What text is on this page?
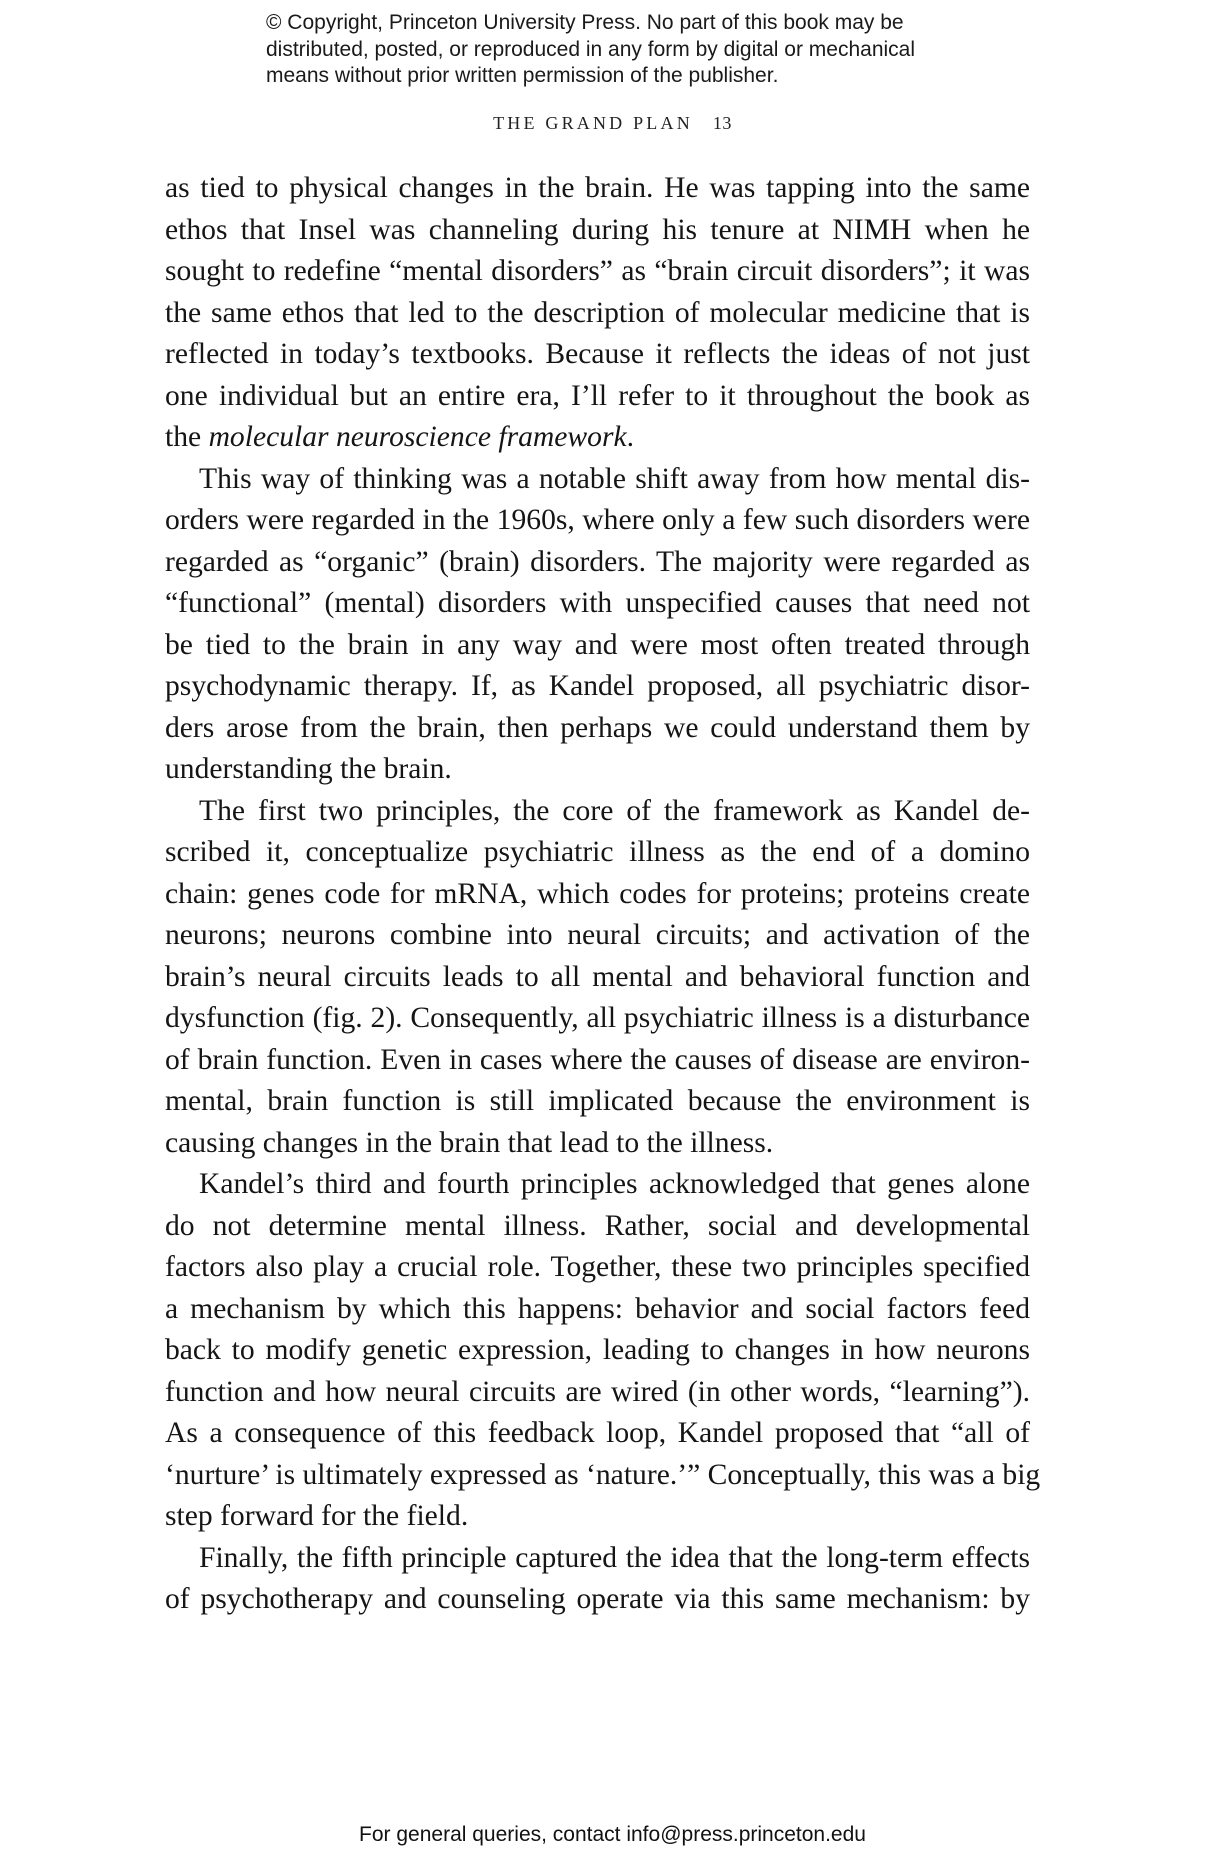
© Copyright, Princeton University Press. No part of this book may be
distributed, posted, or reproduced in any form by digital or mechanical
means without prior written permission of the publisher.
THE GRAND PLAN 13
as tied to physical changes in the brain. He was tapping into the same
ethos that Insel was channeling during his tenure at NIMH when he
sought to redefine “mental disorders” as “brain circuit disorders”; it was
the same ethos that led to the description of molecular medicine that is
reflected in today’s textbooks. Because it reflects the ideas of not just
one individual but an entire era, I’ll refer to it throughout the book as
the molecular neuroscience framework.
This way of thinking was a notable shift away from how mental dis-
orders were regarded in the 1960s, where only a few such disorders were
regarded as “organic” (brain) disorders. The majority were regarded as
“functional” (mental) disorders with unspecified causes that need not
be tied to the brain in any way and were most often treated through
psychodynamic therapy. If, as Kandel proposed, all psychiatric disor-
ders arose from the brain, then perhaps we could understand them by
understanding the brain.
The first two principles, the core of the framework as Kandel de-
scribed it, conceptualize psychiatric illness as the end of a domino
chain: genes code for mRNA, which codes for proteins; proteins create
neurons; neurons combine into neural circuits; and activation of the
brain’s neural circuits leads to all mental and behavioral function and
dysfunction (fig. 2). Consequently, all psychiatric illness is a disturbance
of brain function. Even in cases where the causes of disease are environ-
mental, brain function is still implicated because the environment is
causing changes in the brain that lead to the illness.
Kandel’s third and fourth principles acknowledged that genes alone
do not determine mental illness. Rather, social and developmental
factors also play a crucial role. Together, these two principles specified
a mechanism by which this happens: behavior and social factors feed
back to modify genetic expression, leading to changes in how neurons
function and how neural circuits are wired (in other words, “learning”).
As a consequence of this feedback loop, Kandel proposed that “all of
‘nurture’ is ultimately expressed as ‘nature.’” Conceptually, this was a big
step forward for the field.
Finally, the fifth principle captured the idea that the long-term effects
of psychotherapy and counseling operate via this same mechanism: by
For general queries, contact info@press.princeton.edu
